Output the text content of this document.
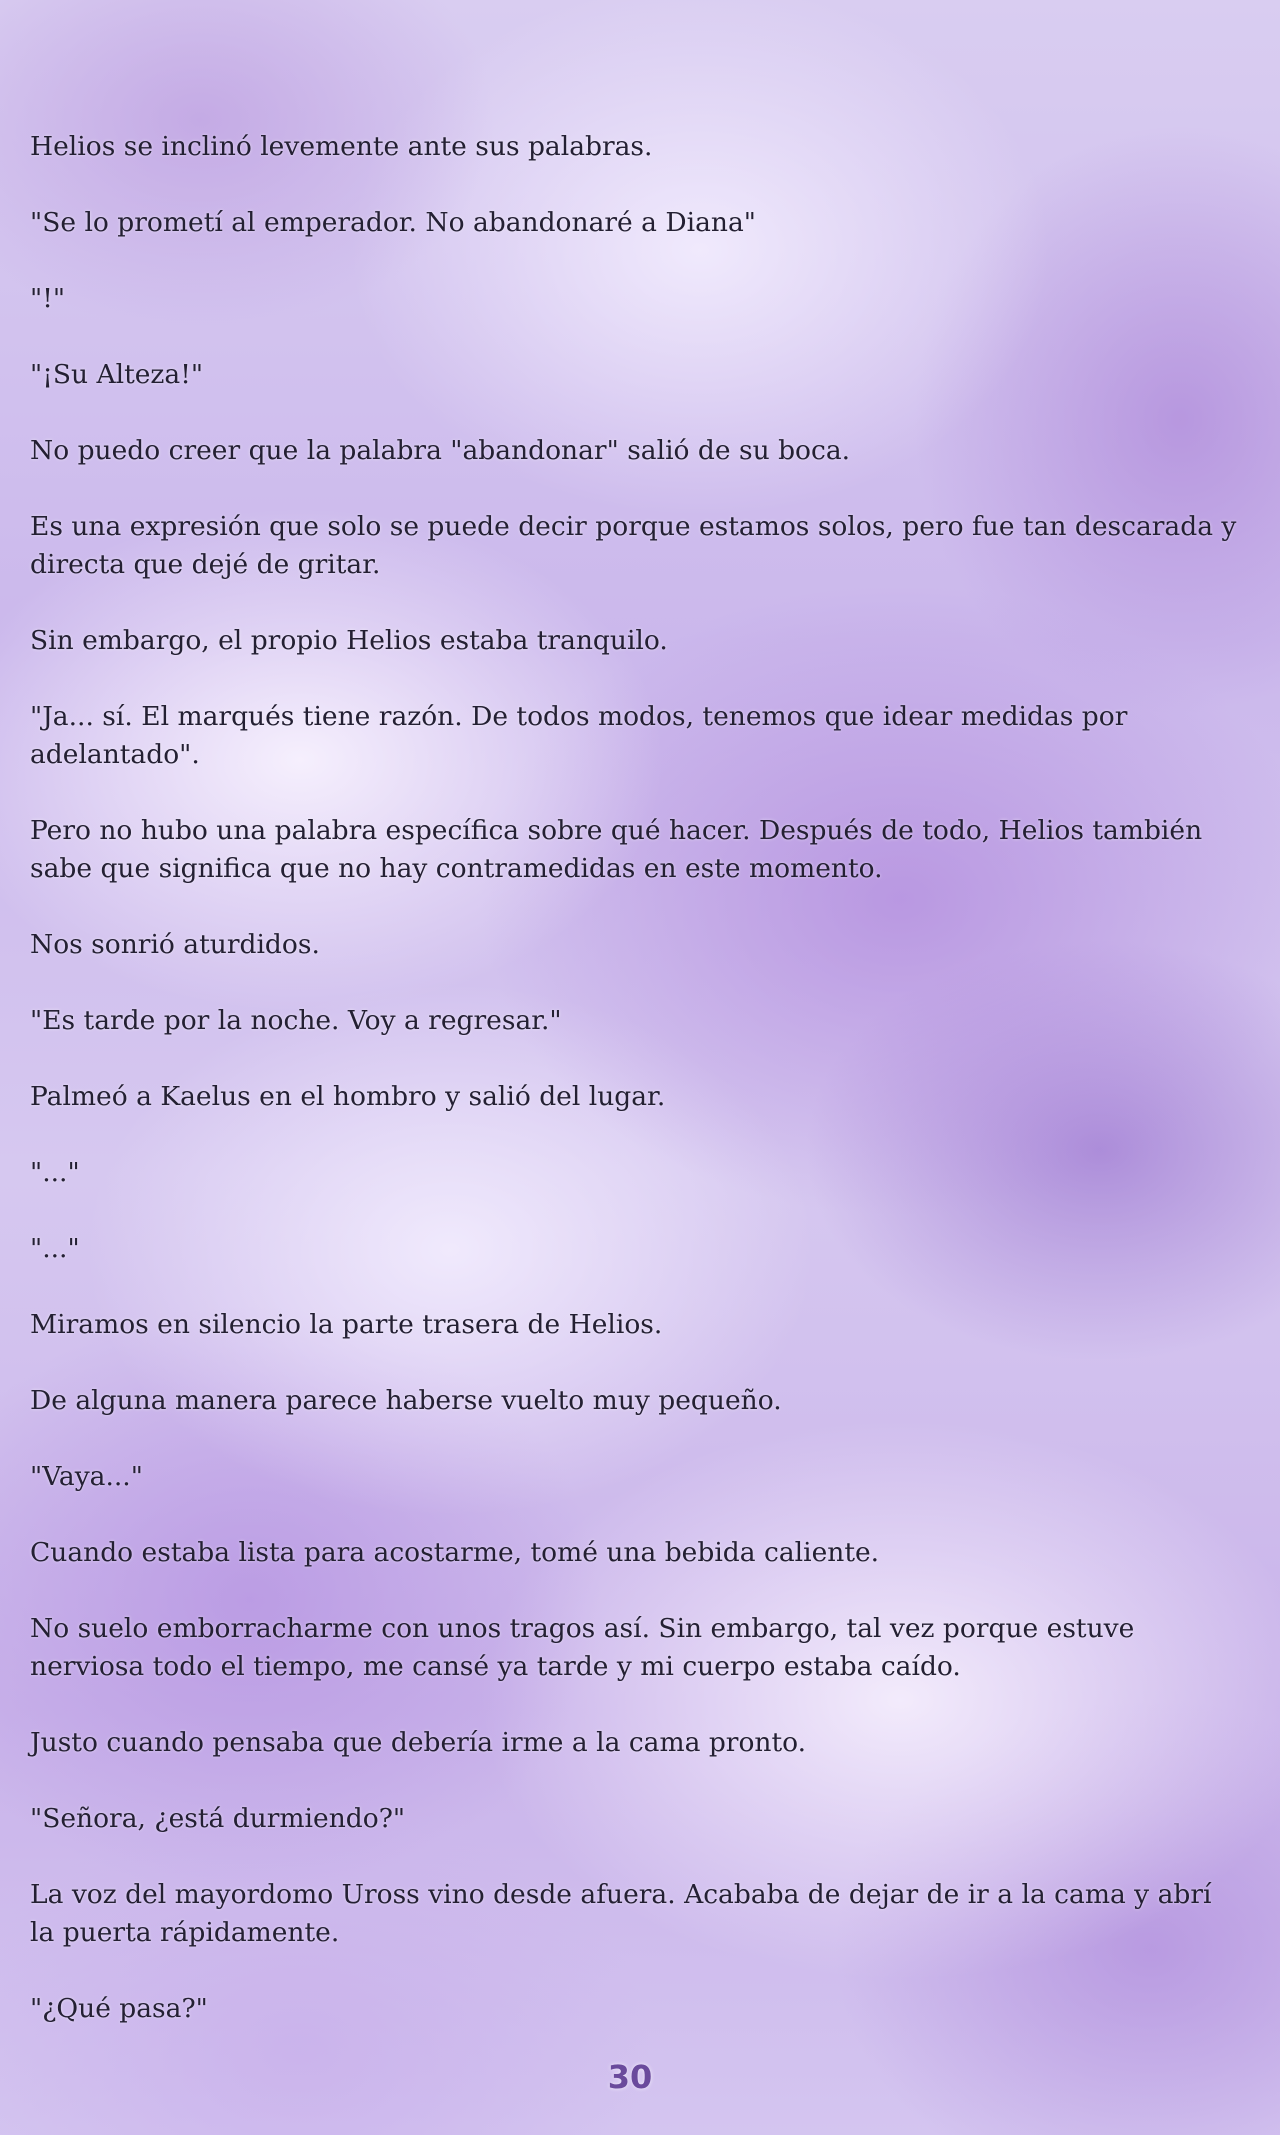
Helios se inclinó levemente ante sus palabras.

"Se lo prometí al emperador. No abandonaré a Diana"

"!"

"¡Su Alteza!"

No puedo creer que la palabra "abandonar" salió de su boca.

Es una expresión que solo se puede decir porque estamos solos, pero fue tan descarada y directa que dejé de gritar.

Sin embargo, el propio Helios estaba tranquilo.

"Ja... sí. El marqués tiene razón. De todos modos, tenemos que idear medidas por adelantado".

Pero no hubo una palabra específica sobre qué hacer. Después de todo, Helios también sabe que significa que no hay contramedidas en este momento.

Nos sonrió aturdidos.

"Es tarde por la noche. Voy a regresar."

Palmeó a Kaelus en el hombro y salió del lugar.

"..."

"..."

Miramos en silencio la parte trasera de Helios.

De alguna manera parece haberse vuelto muy pequeño.

"Vaya..."

Cuando estaba lista para acostarme, tomé una bebida caliente.

No suelo emborracharme con unos tragos así. Sin embargo, tal vez porque estuve nerviosa todo el tiempo, me cansé ya tarde y mi cuerpo estaba caído.

Justo cuando pensaba que debería irme a la cama pronto.

"Señora, ¿está durmiendo?"

La voz del mayordomo Uross vino desde afuera. Acababa de dejar de ir a la cama y abrí la puerta rápidamente.

"¿Qué pasa?"

30
